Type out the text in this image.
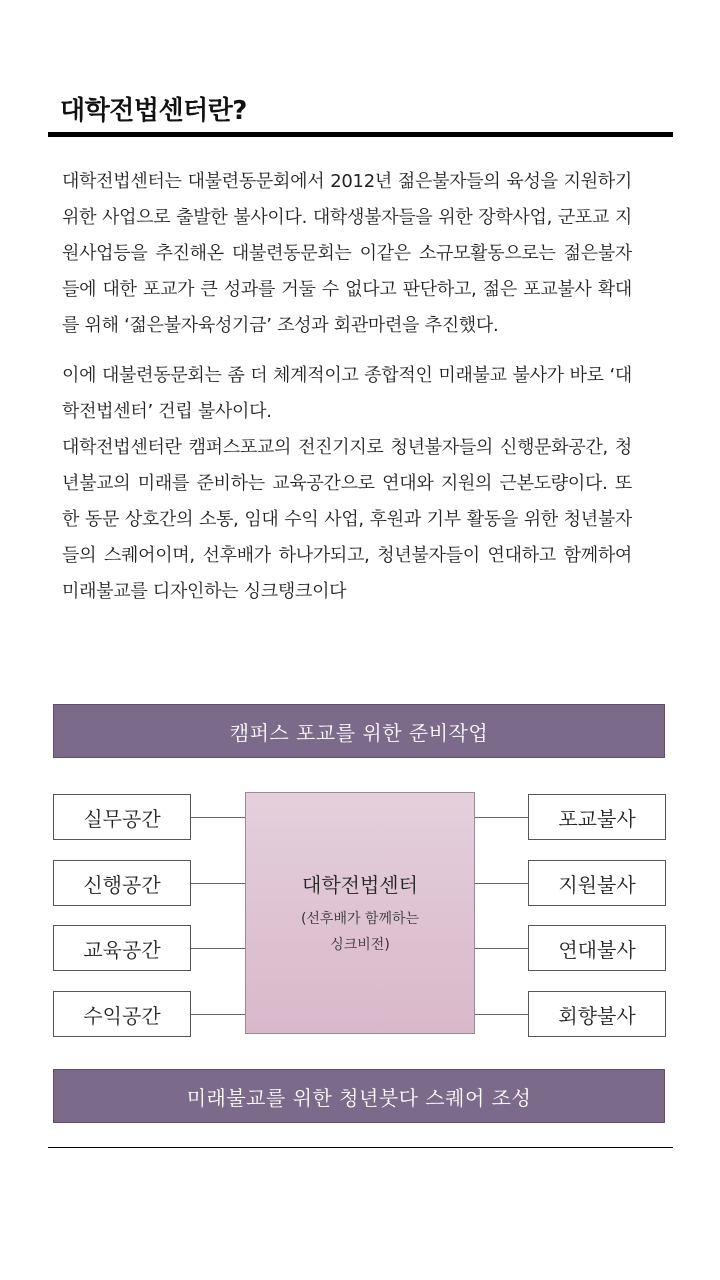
대학전법센터란?

대학전법센터는 대불련동문회에서 2012년 젊은불자들의 육성을 지원하기 위한 사업으로 출발한 불사이다. 대학생불자들을 위한 장학사업, 군포교 지원사업등을 추진해온 대불련동문회는 이같은 소규모활동으로는 젊은불자들에 대한 포교가 큰 성과를 거둘 수 없다고 판단하고, 젊은 포교불사 확대를 위해 ‘젊은불자육성기금’ 조성과 회관마련을 추진했다.

이에 대불련동문회는 좀 더 체계적이고 종합적인 미래불교 불사가 바로 ‘대학전법센터’ 건립 불사이다.

대학전법센터란 캠퍼스포교의 전진기지로 청년불자들의 신행문화공간, 청년불교의 미래를 준비하는 교육공간으로 연대와 지원의 근본도량이다. 또한 동문 상호간의 소통, 임대 수익 사업, 후원과 기부 활동을 위한 청년불자들의 스퀘어이며, 선후배가 하나가되고, 청년불자들이 연대하고 함께하여 미래불교를 디자인하는 싱크탱크이다

캠퍼스 포교를 위한 준비작업
실무공간
신행공간
교육공간
수익공간
대학전법센터
(선후배가 함께하는
싱크비전)
포교불사
지원불사
연대불사
회향불사
미래불교를 위한 청년붓다 스퀘어 조성
